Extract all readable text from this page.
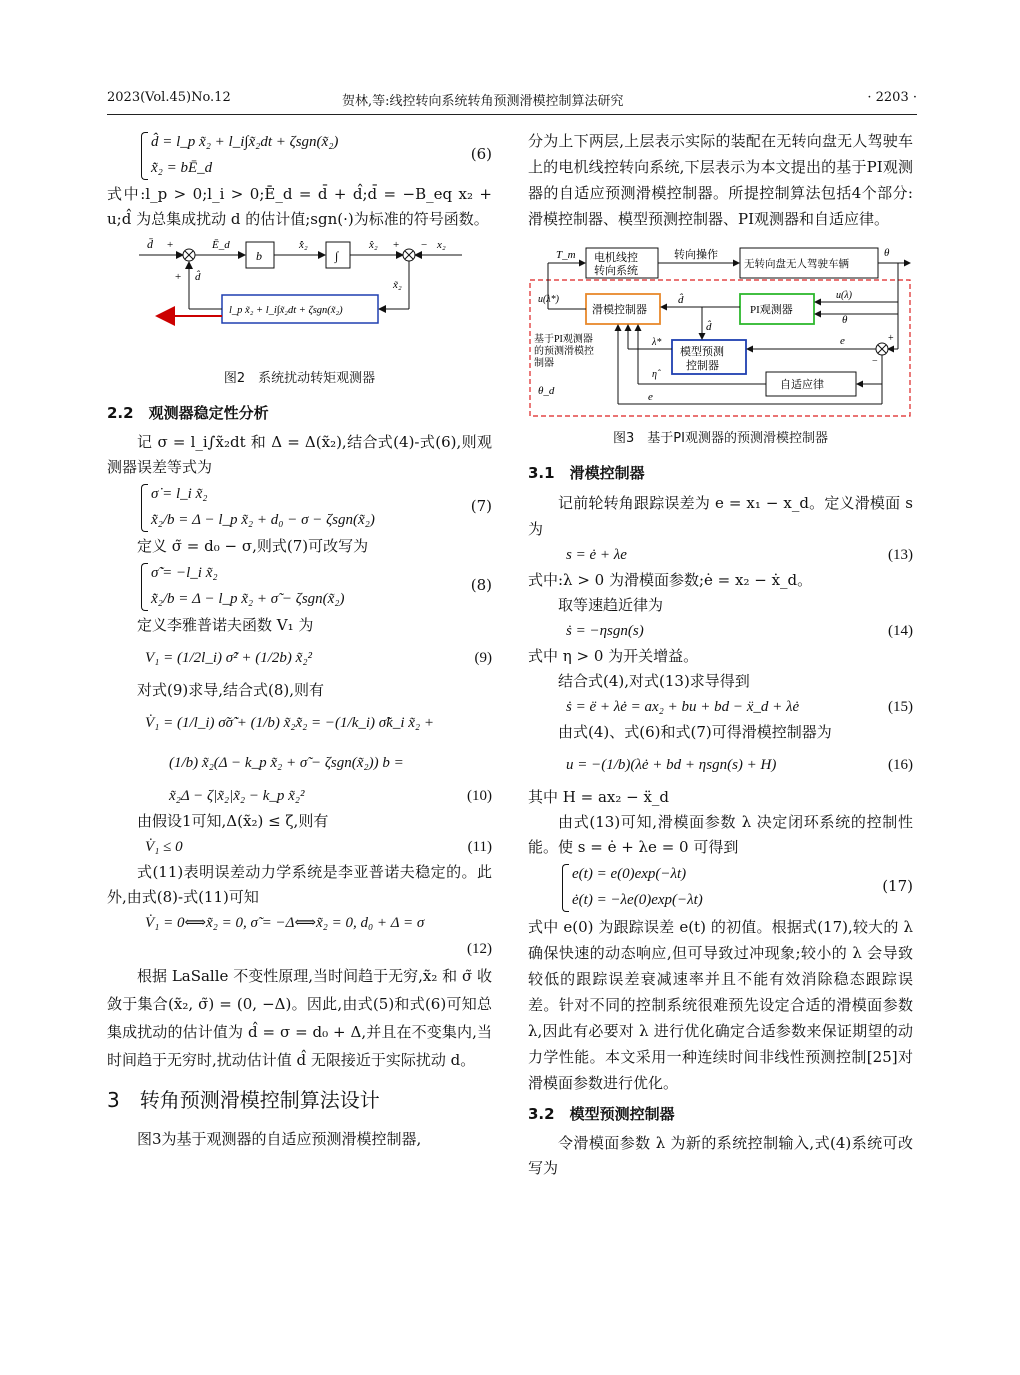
2023(Vol.45)No.12	贺林,等:线控转向系统转角预测滑模控制算法研究	· 2203 ·
d̂ = l_p x̃₂ + l_i∫x̃₂dt + ζsgn(x̃₂)
x̃̇₂ = bĒ_d
(6)

式中:l_p > 0;l_i > 0;Ē_d = d̄ + d̂;d̄ = −B_eq x₂ + u;d̂ 为总集成扰动 d 的估计值;sgn(·)为标准的符号函数。

d̄ +	Ē_d
b
x̂̇₂
∫
x̂₂ + − x₂
+ d̂
x̃₂
l_p x̃₂ + l_i∫x̃₂dt + ζsgn(x̃₂)
图2　系统扰动转矩观测器
2.2　观测器稳定性分析

记 σ = l_i∫x̃₂dt 和 Δ = Δ(x̃₂),结合式(4)-式(6),则观测器误差等式为

σ̇ = l_i x̃₂
x̃̇₂/b = Δ − l_p x̃₂ + d₀ − σ − ζsgn(x̃₂)
(7)

定义 σ̃ = d₀ − σ,则式(7)可改写为

σ̃̇ = −l_i x̃₂
x̃̇₂/b = Δ − l_p x̃₂ + σ̃ − ζsgn(x̃₂)
(8)

定义李雅普诺夫函数 V₁ 为

V₁ = (1/2l_i) σ̃² + (1/2b) x̃₂²	(9)

对式(9)求导,结合式(8),则有

V̇₁ = (1/l_i) σ̃σ̃̇ + (1/b) x̃₂x̃̇₂ = −(1/k_i) σ̃k_i x̃₂ +
(1/b) x̃₂(Δ − k_p x̃₂ + σ̃ − ζsgn(x̃₂)) b =
x̃₂Δ − ζ|x̃₂|x̃₂ − k_p x̃₂²	(10)

由假设1可知,Δ(x̃₂) ≤ ζ,则有

V̇₁ ≤ 0	(11)

式(11)表明误差动力学系统是李亚普诺夫稳定的。此外,由式(8)-式(11)可知

V̇₁ = 0⟺x̃₂ = 0, σ̃ = −Δ⟺x̃₂ = 0, d₀ + Δ = σ
(12)

根据 LaSalle 不变性原理,当时间趋于无穷,x̃₂ 和 σ̃ 收敛于集合(x̃₂, σ̃) = (0, −Δ)。因此,由式(5)和式(6)可知总集成扰动的估计值为 d̂ = σ = d₀ + Δ,并且在不变集内,当时间趋于无穷时,扰动估计值 d̂ 无限接近于实际扰动 d。

3　转角预测滑模控制算法设计

图3为基于观测器的自适应预测滑模控制器,

分为上下两层,上层表示实际的装配在无转向盘无人驾驶车上的电机线控转向系统,下层表示为本文提出的基于PI观测器的自适应预测滑模控制器。所提控制算法包括4个部分:滑模控制器、模型预测控制器、PI观测器和自适应律。

T_m 电机线控
转向系统
转向操作
无转向盘无人驾驶车辆
θ
u(λ*)
滑模控制器
d̂
d̂
PI观测器
u(λ)
θ
λ*
模型预测
控制器
η̂
e
自适应律
e
+
−
基于PI观测器
的预测滑模控
制器
θ_d
图3　基于PI观测器的预测滑模控制器
3.1　滑模控制器

记前轮转角跟踪误差为 e = x₁ − x_d。定义滑模面 s 为

s = ė + λe	(13)

式中:λ > 0 为滑模面参数;ė = x₂ − ẋ_d。

取等速趋近律为

ṡ = −ηsgn(s)	(14)

式中 η > 0 为开关增益。

结合式(4),对式(13)求导得到

ṡ = ë + λė = ax₂ + bu + bd − ẍ_d + λė	(15)

由式(4)、式(6)和式(7)可得滑模控制器为

u = −(1/b)(λė + bd + ηsgn(s) + H)	(16)

其中 H = ax₂ − ẍ_d

由式(13)可知,滑模面参数 λ 决定闭环系统的控制性能。使 s = ė + λe = 0 可得到

e(t) = e(0)exp(−λt)
ė(t) = −λe(0)exp(−λt)
(17)

式中 e(0) 为跟踪误差 e(t) 的初值。根据式(17),较大的 λ 确保快速的动态响应,但可导致过冲现象;较小的 λ 会导致较低的跟踪误差衰减速率并且不能有效消除稳态跟踪误差。针对不同的控制系统很难预先设定合适的滑模面参数 λ,因此有必要对 λ 进行优化确定合适参数来保证期望的动力学性能。本文采用一种连续时间非线性预测控制[25]对滑模面参数进行优化。

3.2　模型预测控制器

令滑模面参数 λ 为新的系统控制输入,式(4)系统可改写为
